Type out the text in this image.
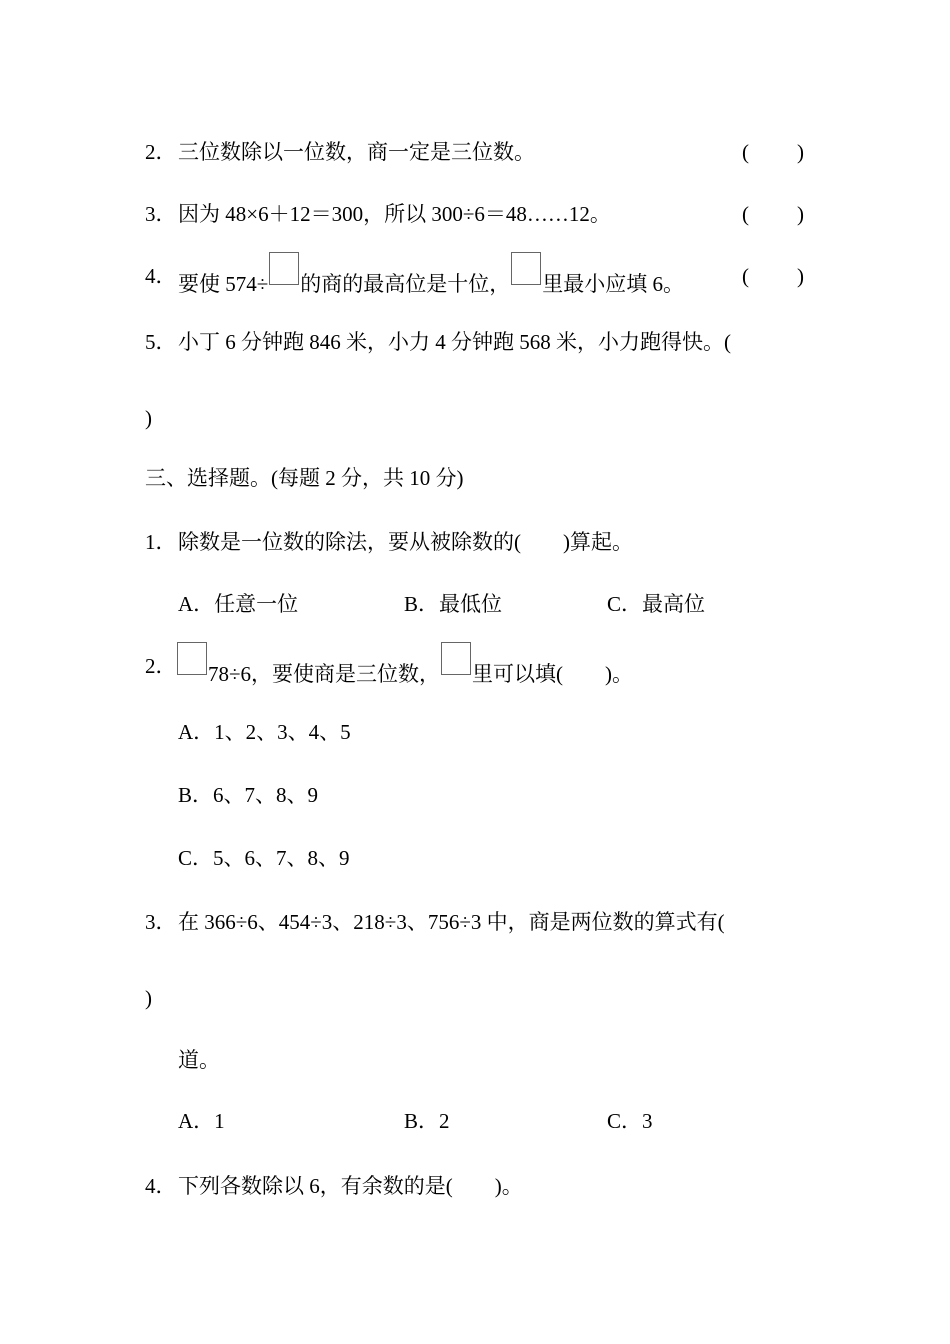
2． 三位数除以一位数，商一定是三位数。	( )
3． 因为 48×6＋12＝300，所以 300÷6＝48……12。	( )
4． 要使 574÷ 的商的最高位是十位， 里最小应填 6。	( )
5． 小丁 6 分钟跑 846 米，小力 4 分钟跑 568 米，小力跑得快。(
)
三、选择题。(每题 2 分，共 10 分)
1． 除数是一位数的除法，要从被除数的(　　)算起。
A．任意一位	B．最低位	C．最高位
2．	78÷6，要使商是三位数， 里可以填(　　)。
A．1、2、3、4、5
B．6、7、8、9
C．5、6、7、8、9
3． 在 366÷6、454÷3、218÷3、756÷3 中，商是两位数的算式有(
)
道。
A．1	B．2	C．3
4． 下列各数除以 6，有余数的是(　　)。
